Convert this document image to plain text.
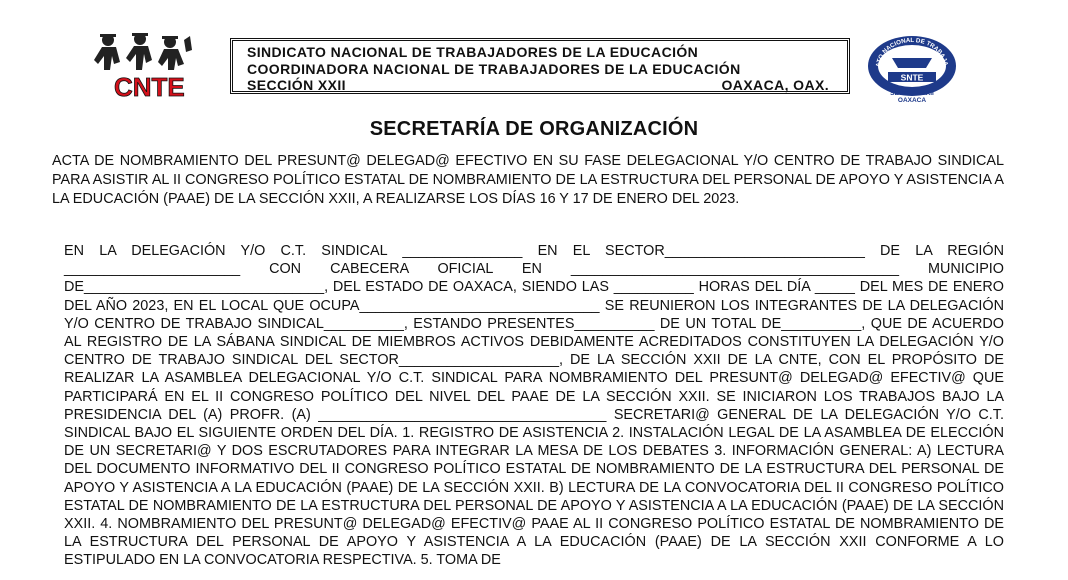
CNTE
SINDICATO NACIONAL DE TRABAJADORES DE LA EDUCACIÓN
COORDINADORA NACIONAL DE TRABAJADORES DE LA EDUCACIÓN
SECCIÓN XXII	OAXACA, OAX.
ATO NACIONAL DE TRABAJA
SNTE
SECCION XXII
OAXACA
SECRETARÍA DE ORGANIZACIÓN

ACTA DE NOMBRAMIENTO DEL PRESUNT@ DELEGAD@ EFECTIVO EN SU FASE DELEGACIONAL Y/O CENTRO DE TRABAJO SINDICAL PARA ASISTIR AL II CONGRESO POLÍTICO ESTATAL DE NOMBRAMIENTO DE LA ESTRUCTURA DEL PERSONAL DE APOYO Y ASISTENCIA A LA EDUCACIÓN (PAAE) DE LA SECCIÓN XXII, A REALIZARSE LOS DÍAS 16 Y 17 DE ENERO DEL 2023.

EN LA DELEGACIÓN Y/O C.T. SINDICAL _______________ EN EL SECTOR_________________________ DE LA REGIÓN ______________________ CON CABECERA OFICIAL EN _________________________________________ MUNICIPIO DE______________________________, DEL ESTADO DE OAXACA, SIENDO LAS __________ HORAS DEL DÍA _____ DEL MES DE ENERO DEL AÑO 2023, EN EL LOCAL QUE OCUPA______________________________ SE REUNIERON LOS INTEGRANTES DE LA DELEGACIÓN Y/O CENTRO DE TRABAJO SINDICAL__________, ESTANDO PRESENTES__________ DE UN TOTAL DE__________, QUE DE ACUERDO AL REGISTRO DE LA SÁBANA SINDICAL DE MIEMBROS ACTIVOS DEBIDAMENTE ACREDITADOS CONSTITUYEN LA DELEGACIÓN Y/O CENTRO DE TRABAJO SINDICAL DEL SECTOR____________________, DE LA SECCIÓN XXII DE LA CNTE, CON EL PROPÓSITO DE REALIZAR LA ASAMBLEA DELEGACIONAL Y/O C.T. SINDICAL PARA NOMBRAMIENTO DEL PRESUNT@ DELEGAD@ EFECTIV@ QUE PARTICIPARÁ EN EL II CONGRESO POLÍTICO DEL NIVEL DEL PAAE DE LA SECCIÓN XXII. SE INICIARON LOS TRABAJOS BAJO LA PRESIDENCIA DEL (A) PROFR. (A) ____________________________________ SECRETARI@ GENERAL DE LA DELEGACIÓN Y/O C.T. SINDICAL BAJO EL SIGUIENTE ORDEN DEL DÍA. 1. REGISTRO DE ASISTENCIA 2. INSTALACIÓN LEGAL DE LA ASAMBLEA DE ELECCIÓN DE UN SECRETARI@ Y DOS ESCRUTADORES PARA INTEGRAR LA MESA DE LOS DEBATES 3. INFORMACIÓN GENERAL: A) LECTURA DEL DOCUMENTO INFORMATIVO DEL II CONGRESO POLÍTICO ESTATAL DE NOMBRAMIENTO DE LA ESTRUCTURA DEL PERSONAL DE APOYO Y ASISTENCIA A LA EDUCACIÓN (PAAE) DE LA SECCIÓN XXII. B) LECTURA DE LA CONVOCATORIA DEL II CONGRESO POLÍTICO ESTATAL DE NOMBRAMIENTO DE LA ESTRUCTURA DEL PERSONAL DE APOYO Y ASISTENCIA A LA EDUCACIÓN (PAAE) DE LA SECCIÓN XXII. 4. NOMBRAMIENTO DEL PRESUNT@ DELEGAD@ EFECTIV@ PAAE AL II CONGRESO POLÍTICO ESTATAL DE NOMBRAMIENTO DE LA ESTRUCTURA DEL PERSONAL DE APOYO Y ASISTENCIA A LA EDUCACIÓN (PAAE) DE LA SECCIÓN XXII CONFORME A LO ESTIPULADO EN LA CONVOCATORIA RESPECTIVA. 5. TOMA DE
